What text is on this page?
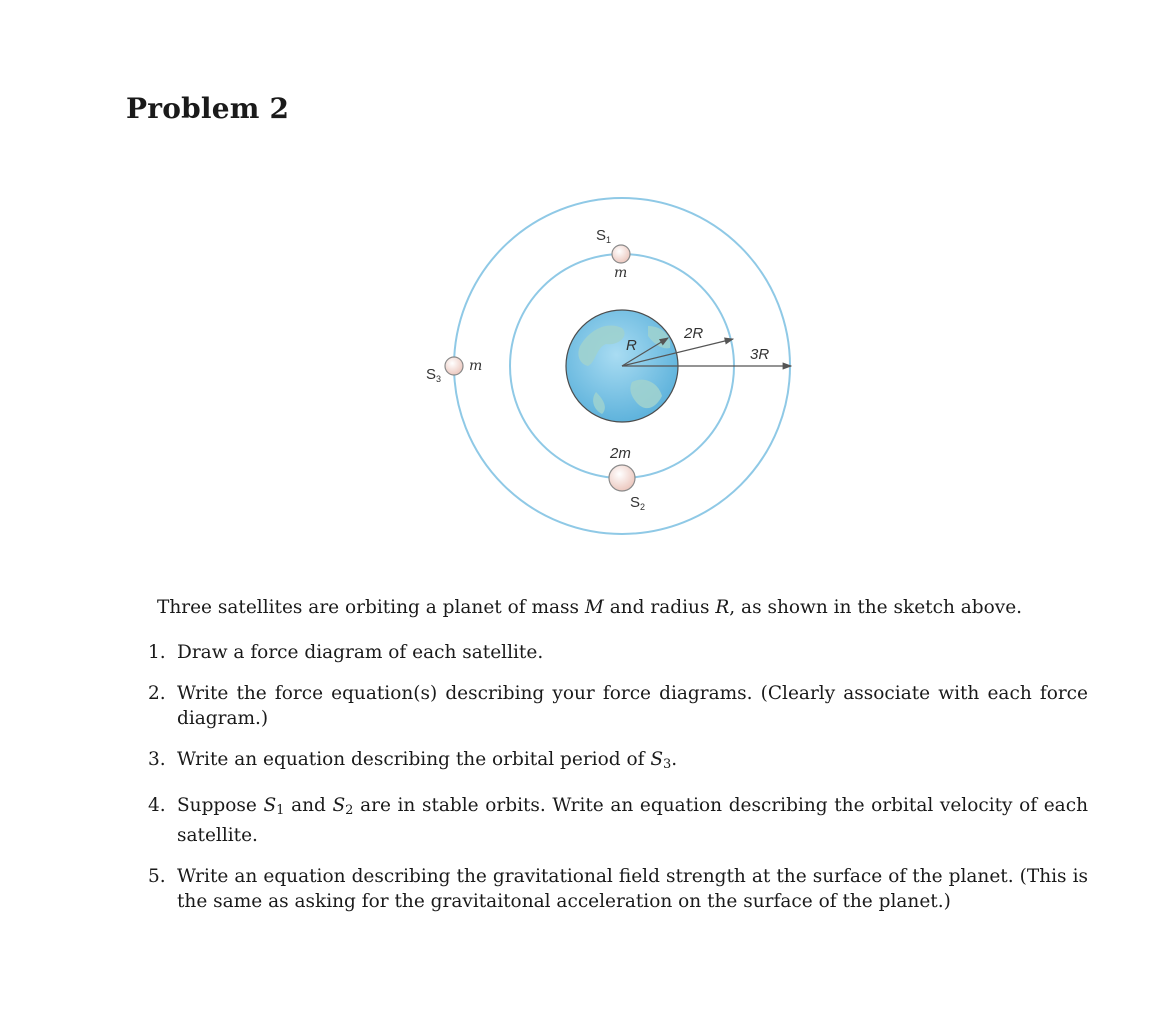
Problem 2
R
2R
3R
$S_1$
m
2m
$S_2$
$S_3$
m

Three satellites are orbiting a planet of mass M and radius R, as shown in the sketch above.

1. Draw a force diagram of each satellite.
2. Write the force equation(s) describing your force diagrams. (Clearly associate with each force diagram.)
3. Write an equation describing the orbital period of $S_3$.
4. Suppose $S_1$ and $S_2$ are in stable orbits. Write an equation describing the orbital velocity of each satellite.
5. Write an equation describing the gravitational field strength at the surface of the planet. (This is the same as asking for the gravitaitonal acceleration on the surface of the planet.)
